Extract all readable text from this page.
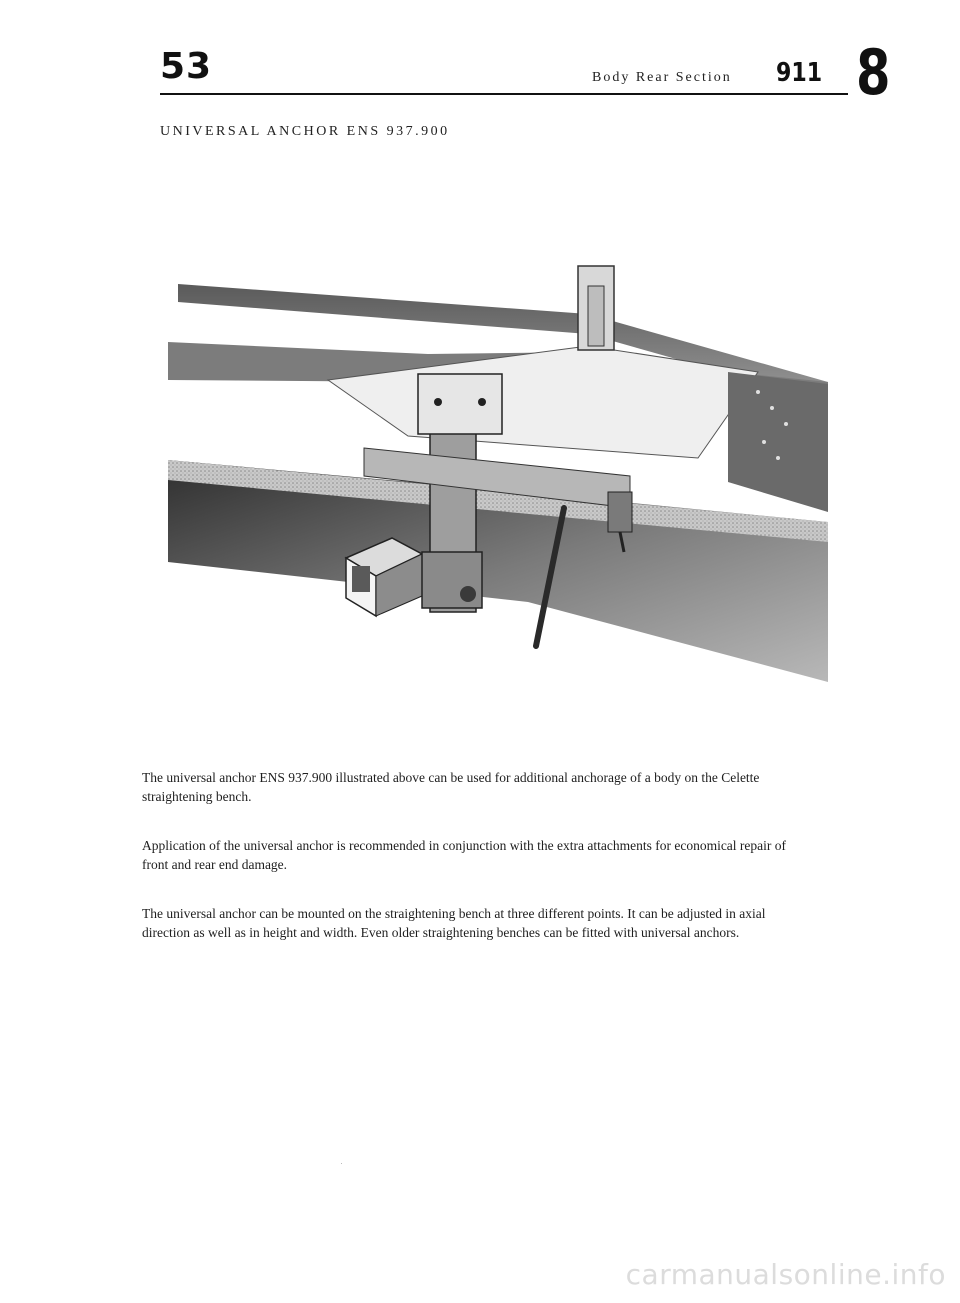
53	Body Rear Section 911 8
UNIVERSAL ANCHOR ENS 937.900

The universal anchor ENS 937.900 illustrated above can be used for additional anchorage of a body on the Celette straightening bench.

Application of the universal anchor is recommended in conjunction with the extra attachments for economical repair of front and rear end damage.

The universal anchor can be mounted on the straightening bench at three different points. It can be adjusted in axial direction as well as in height and width. Even older straightening benches can be fitted with universal anchors.

carmanualsonline.info
